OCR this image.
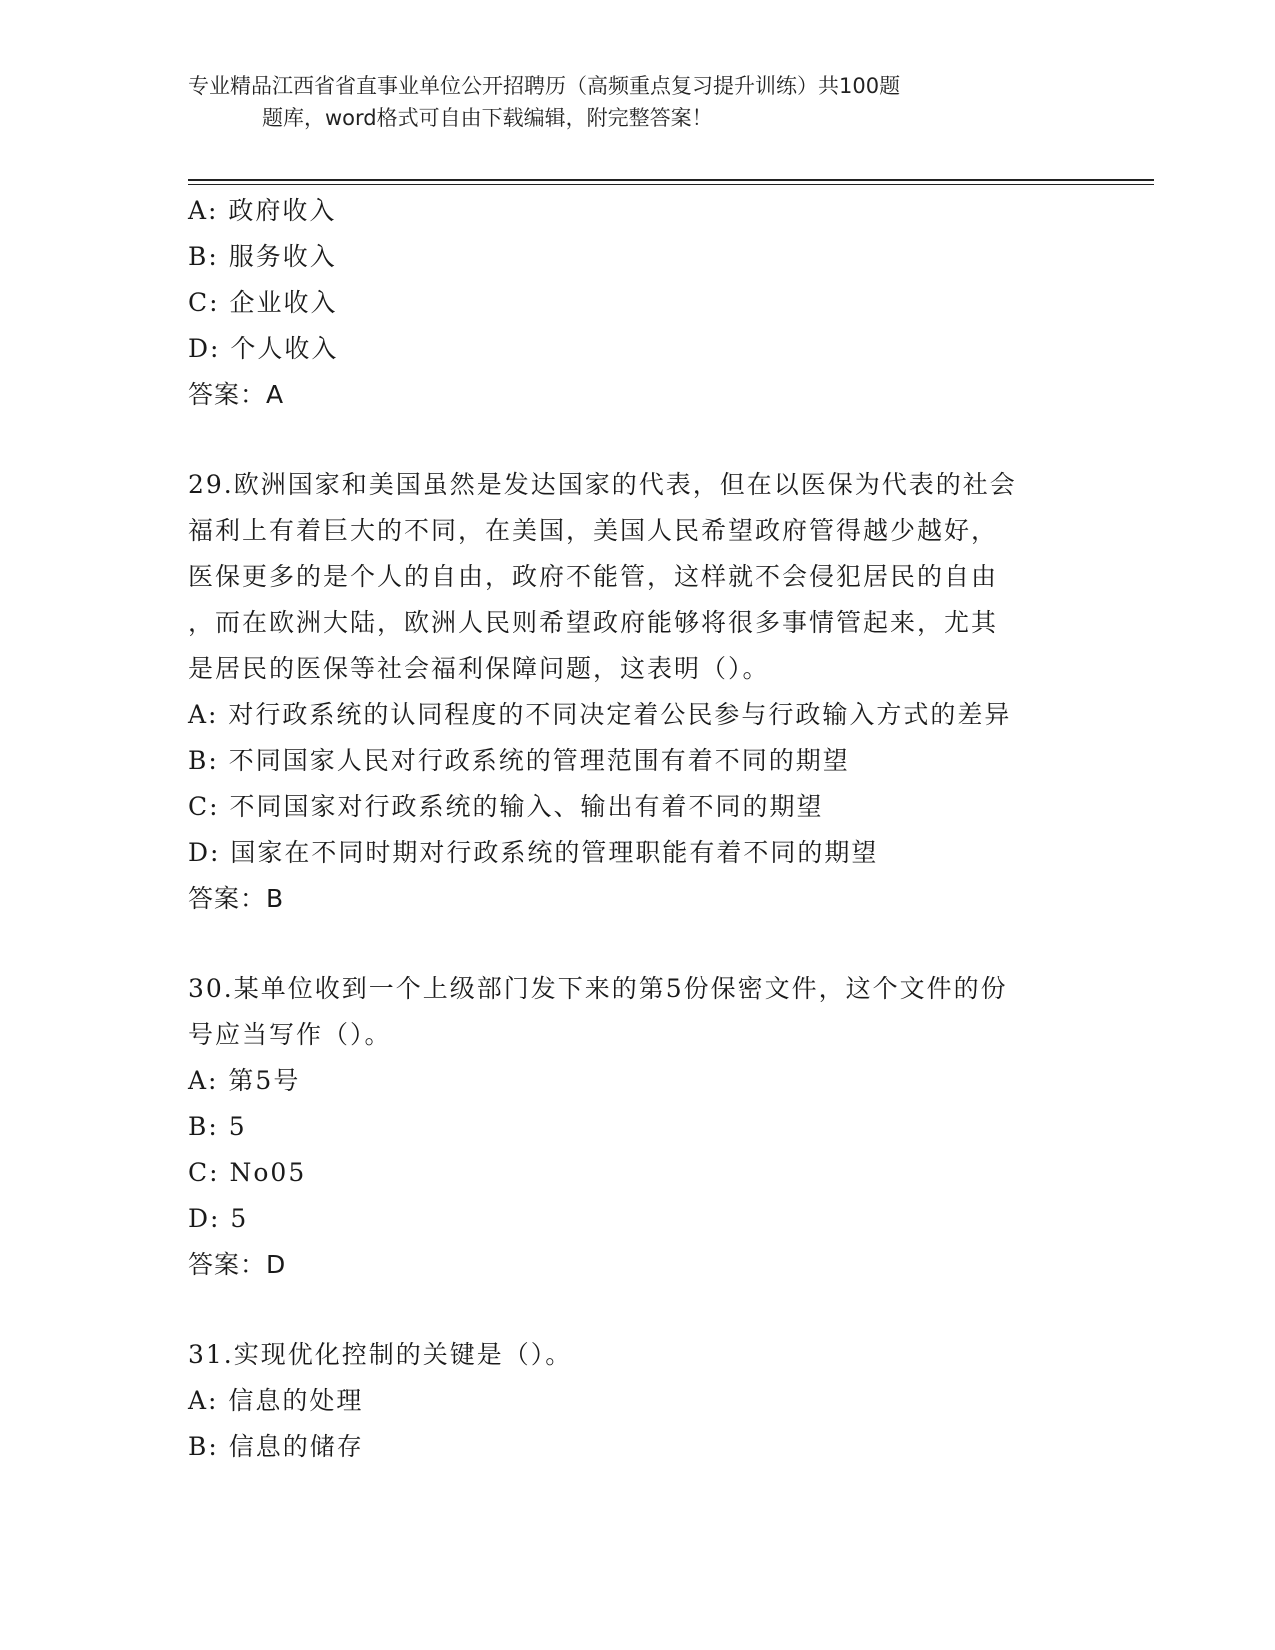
专业精品江西省省直事业单位公开招聘历（高频重点复习提升训练）共100题
题库，word格式可自由下载编辑，附完整答案！
A: 政府收入
B: 服务收入
C: 企业收入
D: 个人收入
答案：A
29.欧洲国家和美国虽然是发达国家的代表，但在以医保为代表的社会
福利上有着巨大的不同，在美国，美国人民希望政府管得越少越好，
医保更多的是个人的自由，政府不能管，这样就不会侵犯居民的自由
，而在欧洲大陆，欧洲人民则希望政府能够将很多事情管起来，尤其
是居民的医保等社会福利保障问题，这表明（）。
A: 对行政系统的认同程度的不同决定着公民参与行政输入方式的差异
B: 不同国家人民对行政系统的管理范围有着不同的期望
C: 不同国家对行政系统的输入、输出有着不同的期望
D: 国家在不同时期对行政系统的管理职能有着不同的期望
答案：B
30.某单位收到一个上级部门发下来的第5份保密文件，这个文件的份
号应当写作（）。
A: 第5号
B: 5
C: No05
D: 5
答案：D
31.实现优化控制的关键是（）。
A: 信息的处理
B: 信息的储存
